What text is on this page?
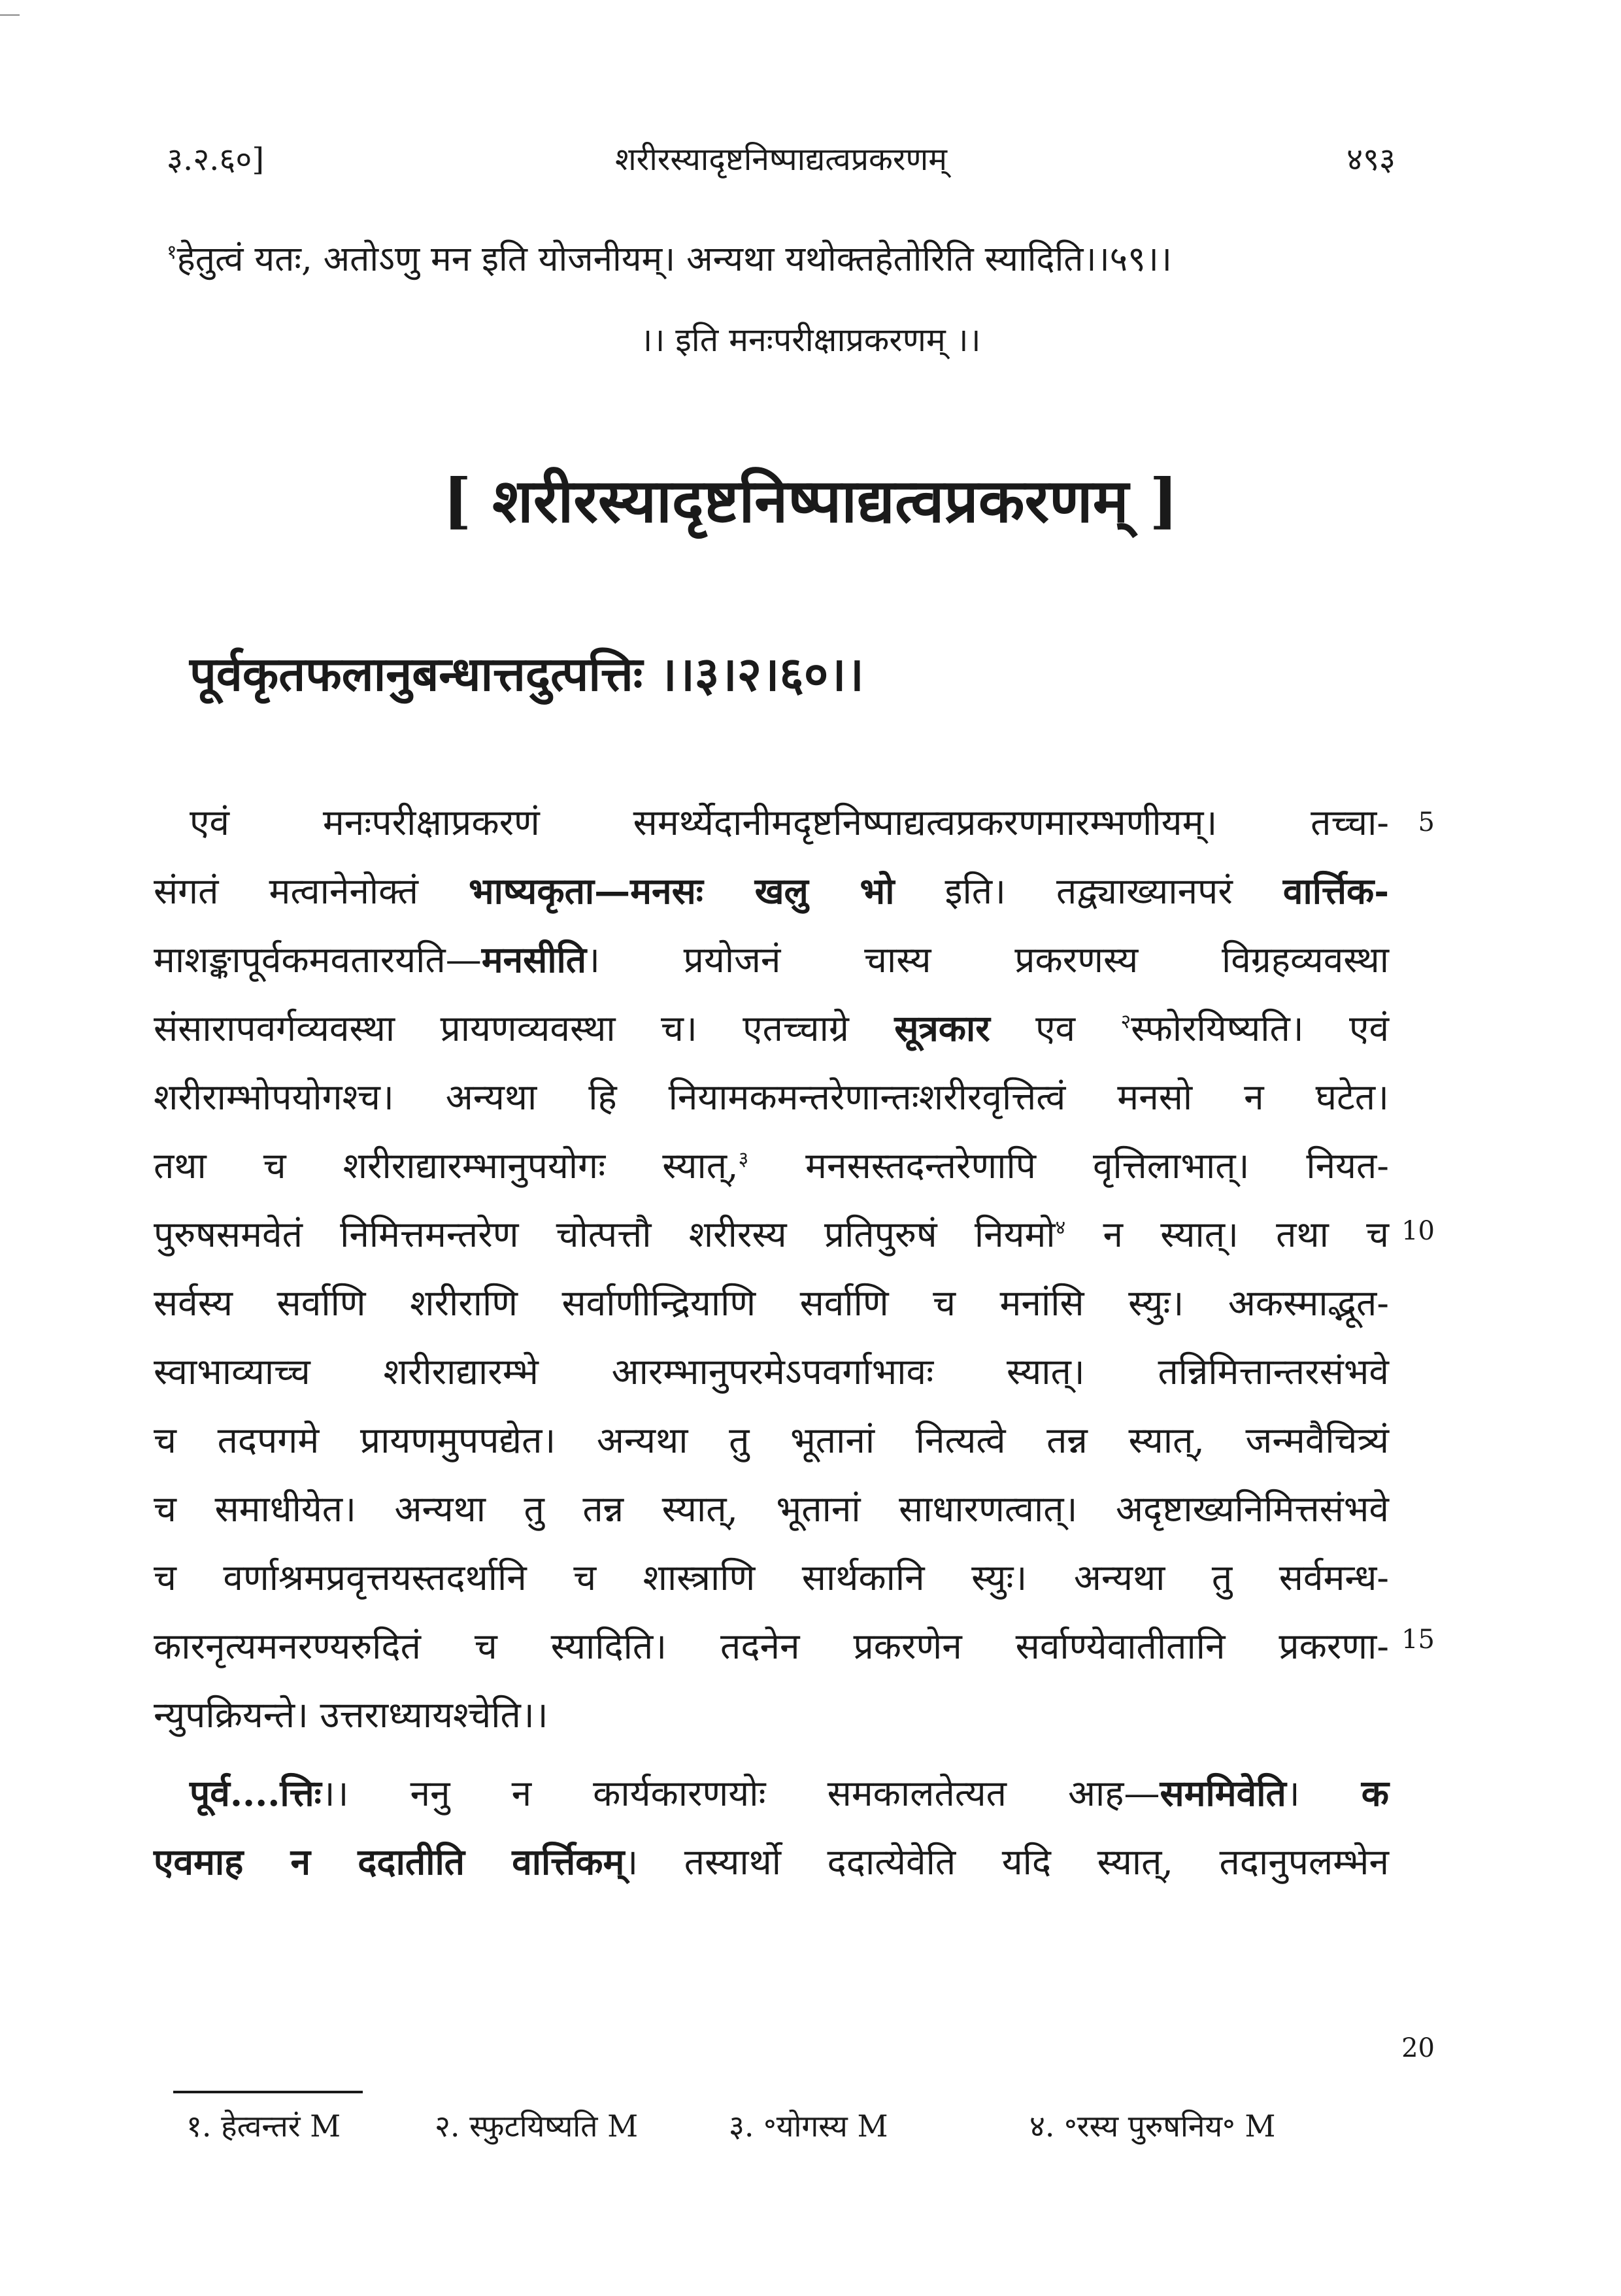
३.२.६०]	शरीरस्यादृष्टनिष्पाद्यत्वप्रकरणम्	४९३
$^१$हेतुत्वं यतः, अतोऽणु मन इति योजनीयम्। अन्यथा यथोक्तहेतोरिति स्यादिति।।५९।।
।। इति मनःपरीक्षाप्रकरणम् ।।
[ शरीरस्यादृष्टनिष्पाद्यत्वप्रकरणम् ]
पूर्वकृतफलानुबन्धात्तदुत्पत्तिः ।।३।२।६०।।
एवं मनःपरीक्षाप्रकरणं समर्थ्येदानीमदृष्टनिष्पाद्यत्वप्रकरणमारम्भणीयम्। तच्चा-	5
संगतं मत्वानेनोक्तं भाष्यकृता—मनसः खलु भो इति। तद्व्याख्यानपरं वार्त्तिक-
माशङ्कापूर्वकमवतारयति—मनसीति। प्रयोजनं चास्य प्रकरणस्य विग्रहव्यवस्था
संसारापवर्गव्यवस्था प्रायणव्यवस्था च। एतच्चाग्रे सूत्रकार एव $^२$स्फोरयिष्यति। एवं
शरीराम्भोपयोगश्च। अन्यथा हि नियामकमन्तरेणान्तःशरीरवृत्तित्वं मनसो न घटेत।
तथा च शरीराद्यारम्भानुपयोगः स्यात्,$^३$ मनसस्तदन्तरेणापि वृत्तिलाभात्। नियत-
10
पुरुषसमवेतं निमित्तमन्तरेण चोत्पत्तौ शरीरस्य प्रतिपुरुषं नियमो$^४$ न स्यात्। तथा च
सर्वस्य सर्वाणि शरीराणि सर्वाणीन्द्रियाणि सर्वाणि च मनांसि स्युः। अकस्माद्भूत-
स्वाभाव्याच्च शरीराद्यारम्भे आरम्भानुपरमेऽपवर्गाभावः स्यात्। तन्निमित्तान्तरसंभवे
च तदपगमे प्रायणमुपपद्येत। अन्यथा तु भूतानां नित्यत्वे तन्न स्यात्, जन्मवैचित्र्यं
च समाधीयेत। अन्यथा तु तन्न स्यात्, भूतानां साधारणत्वात्। अदृष्टाख्यनिमित्तसंभवे
15
च वर्णाश्रमप्रवृत्तयस्तदर्थानि च शास्त्राणि सार्थकानि स्युः। अन्यथा तु सर्वमन्ध-
कारनृत्यमनरण्यरुदितं च स्यादिति। तदनेन प्रकरणेन सर्वाण्येवातीतानि प्रकरणा-
न्युपक्रियन्ते। उत्तराध्यायश्चेति।।
पूर्व....त्तिः।। ननु न कार्यकारणयोः समकालतेत्यत आह—सममिवेति। क
एवमाह न ददातीति वार्त्तिकम्। तस्यार्थो ददात्येवेति यदि स्यात्, तदानुपलम्भेन
20
१. हेत्वन्तरं M	२. स्फुटयिष्यति M	३. ॰योगस्य M	४. ॰रस्य पुरुषनिय॰ M
